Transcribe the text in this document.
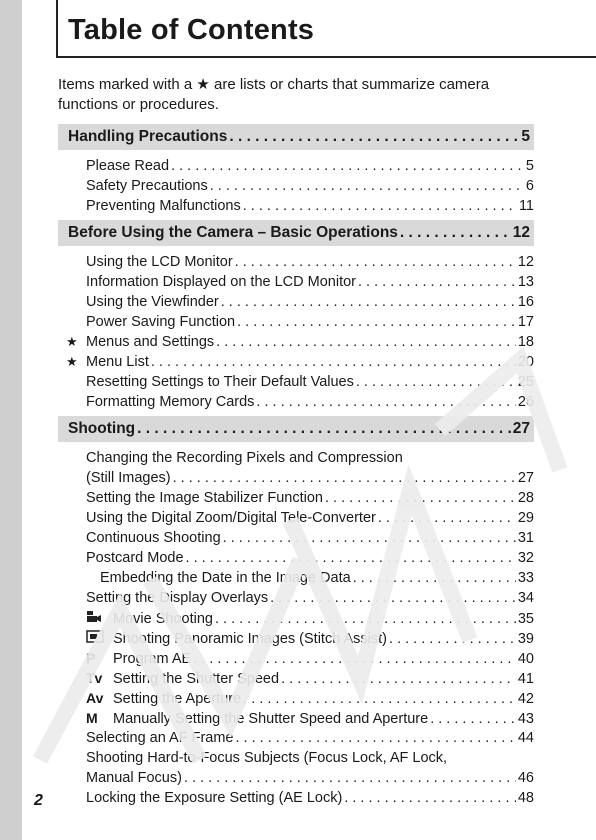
Table of Contents
Items marked with a ★ are lists or charts that summarize camera functions or procedures.
Handling Precautions . . .	5
Please Read . . .	5
Safety Precautions . . .	6
Preventing Malfunctions . . .	11
Before Using the Camera – Basic Operations . . .	12
Using the LCD Monitor . . .	12
Information Displayed on the LCD Monitor . . .	13
Using the Viewfinder . . .	16
Power Saving Function . . .	17
★ Menus and Settings . . .	18
★ Menu List . . .	20
Resetting Settings to Their Default Values . . .	25
Formatting Memory Cards . . .	26
Shooting . . .	27
Changing the Recording Pixels and Compression
(Still Images) . . .	27
Setting the Image Stabilizer Function . . .	28
Using the Digital Zoom/Digital Tele-Converter . . .	29
Continuous Shooting . . .	31
Postcard Mode . . .	32
Embedding the Date in the Image Data . . .	33
Setting the Display Overlays . . .	34
Movie Shooting . . .	35
Shooting Panoramic Images (Stitch Assist) . . .	39
P	Program AE . . .	40
Tv Setting the Shutter Speed . . .	41
Av Setting the Aperture . . .	42
M	Manually Setting the Shutter Speed and Aperture . . .	43
Selecting an AF Frame . . .	44
Shooting Hard-to-Focus Subjects (Focus Lock, AF Lock,
Manual Focus) . . .	46
Locking the Exposure Setting (AE Lock) . . .	48
2
